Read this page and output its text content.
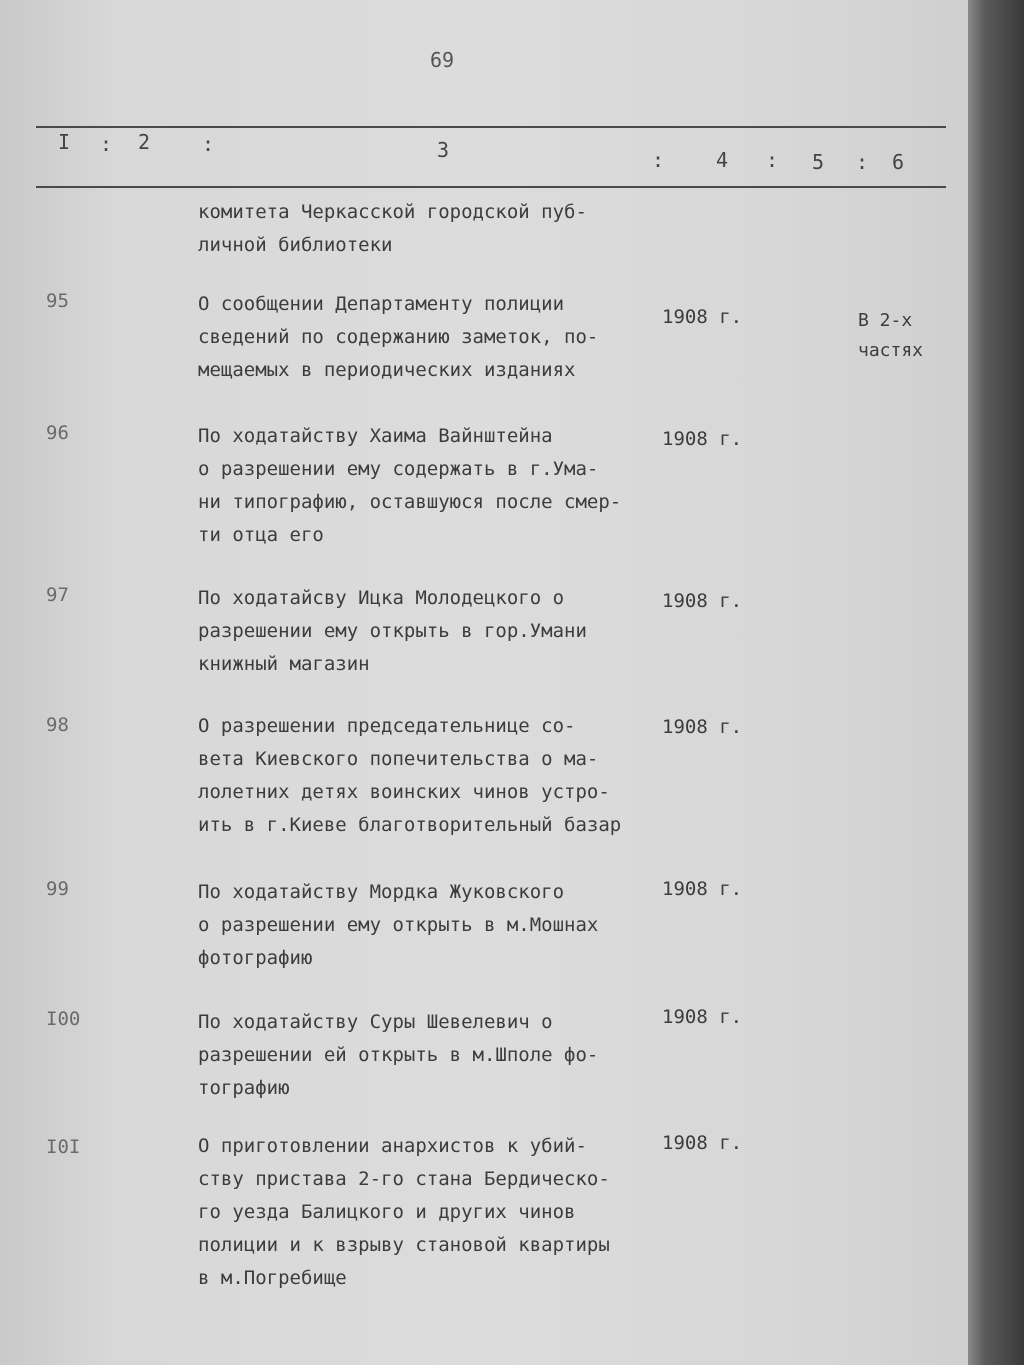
69
I : 2	:	3	:	4 : 5 : 6
комитета Черкасской городской пуб-
личной библиотеки
95	О сообщении Департаменту полиции
сведений по содержанию заметок, по-
мещаемых в периодических изданиях
1908 г.	В 2-х
частях
96	По ходатайству Хаима Вайнштейна
о разрешении ему содержать в г.Ума-
ни типографию, оставшуюся после смер-
ти отца его
1908 г.
97	По ходатайсву Ицка Молодецкого о
разрешении ему открыть в гор.Умани
книжный магазин
1908 г.
98	О разрешении председательнице со-
вета Киевского попечительства о ма-
лолетних детях воинских чинов устро-
ить в г.Киеве благотворительный базар
1908 г.
99	По ходатайству Мордка Жуковского
о разрешении ему открыть в м.Мошнах
фотографию
1908 г.
I00	По ходатайству Суры Шевелевич о
разрешении ей открыть в м.Шполе фо-
тографию
1908 г.
I0I	О приготовлении анархистов к убий-
ству пристава 2-го стана Бердическо-
го уезда Балицкого и других чинов
полиции и к взрыву становой квартиры
в м.Погребище
1908 г.
